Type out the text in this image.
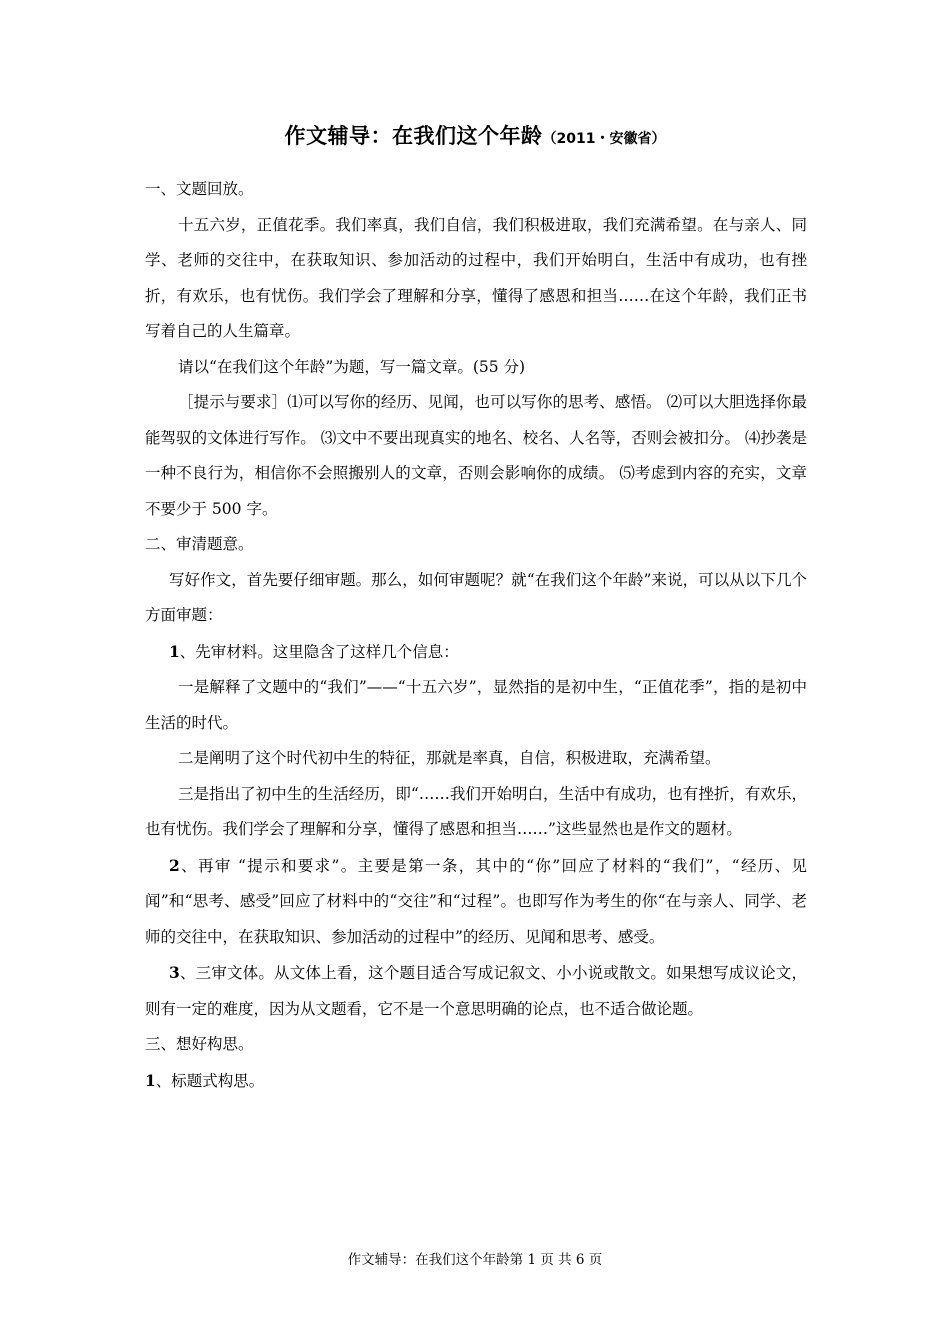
作文辅导：在我们这个年龄（2011・安徽省）

一、文题回放。

十五六岁，正值花季。我们率真，我们自信，我们积极进取，我们充满希望。在与亲人、同学、老师的交往中，在获取知识、参加活动的过程中，我们开始明白，生活中有成功，也有挫折，有欢乐，也有忧伤。我们学会了理解和分享，懂得了感恩和担当……在这个年龄，我们正书写着自己的人生篇章。

请以“在我们这个年龄”为题，写一篇文章。(55 分)

［提示与要求］⑴可以写你的经历、见闻，也可以写你的思考、感悟。 ⑵可以大胆选择你最能驾驭的文体进行写作。 ⑶文中不要出现真实的地名、校名、人名等，否则会被扣分。 ⑷抄袭是一种不良行为，相信你不会照搬别人的文章，否则会影响你的成绩。 ⑸考虑到内容的充实，文章不要少于 500 字。

二、审清题意。

写好作文，首先要仔细审题。那么，如何审题呢？就“在我们这个年龄”来说，可以从以下几个方面审题：

1、先审材料。这里隐含了这样几个信息：

一是解释了文题中的“我们”——“十五六岁”，显然指的是初中生，“正值花季”，指的是初中生活的时代。

二是阐明了这个时代初中生的特征，那就是率真，自信，积极进取，充满希望。

三是指出了初中生的生活经历，即“……我们开始明白，生活中有成功，也有挫折，有欢乐，也有忧伤。我们学会了理解和分享，懂得了感恩和担当……”这些显然也是作文的题材。

2、再审 “提示和要求”。主要是第一条，其中的“你”回应了材料的“我们”，“经历、见闻”和“思考、感受”回应了材料中的“交往”和“过程”。也即写作为考生的你“在与亲人、同学、老师的交往中，在获取知识、参加活动的过程中”的经历、见闻和思考、感受。

3、三审文体。从文体上看，这个题目适合写成记叙文、小小说或散文。如果想写成议论文，则有一定的难度，因为从文题看，它不是一个意思明确的论点，也不适合做论题。

三、想好构思。

1、标题式构思。

作文辅导：在我们这个年龄第 1 页 共 6 页
